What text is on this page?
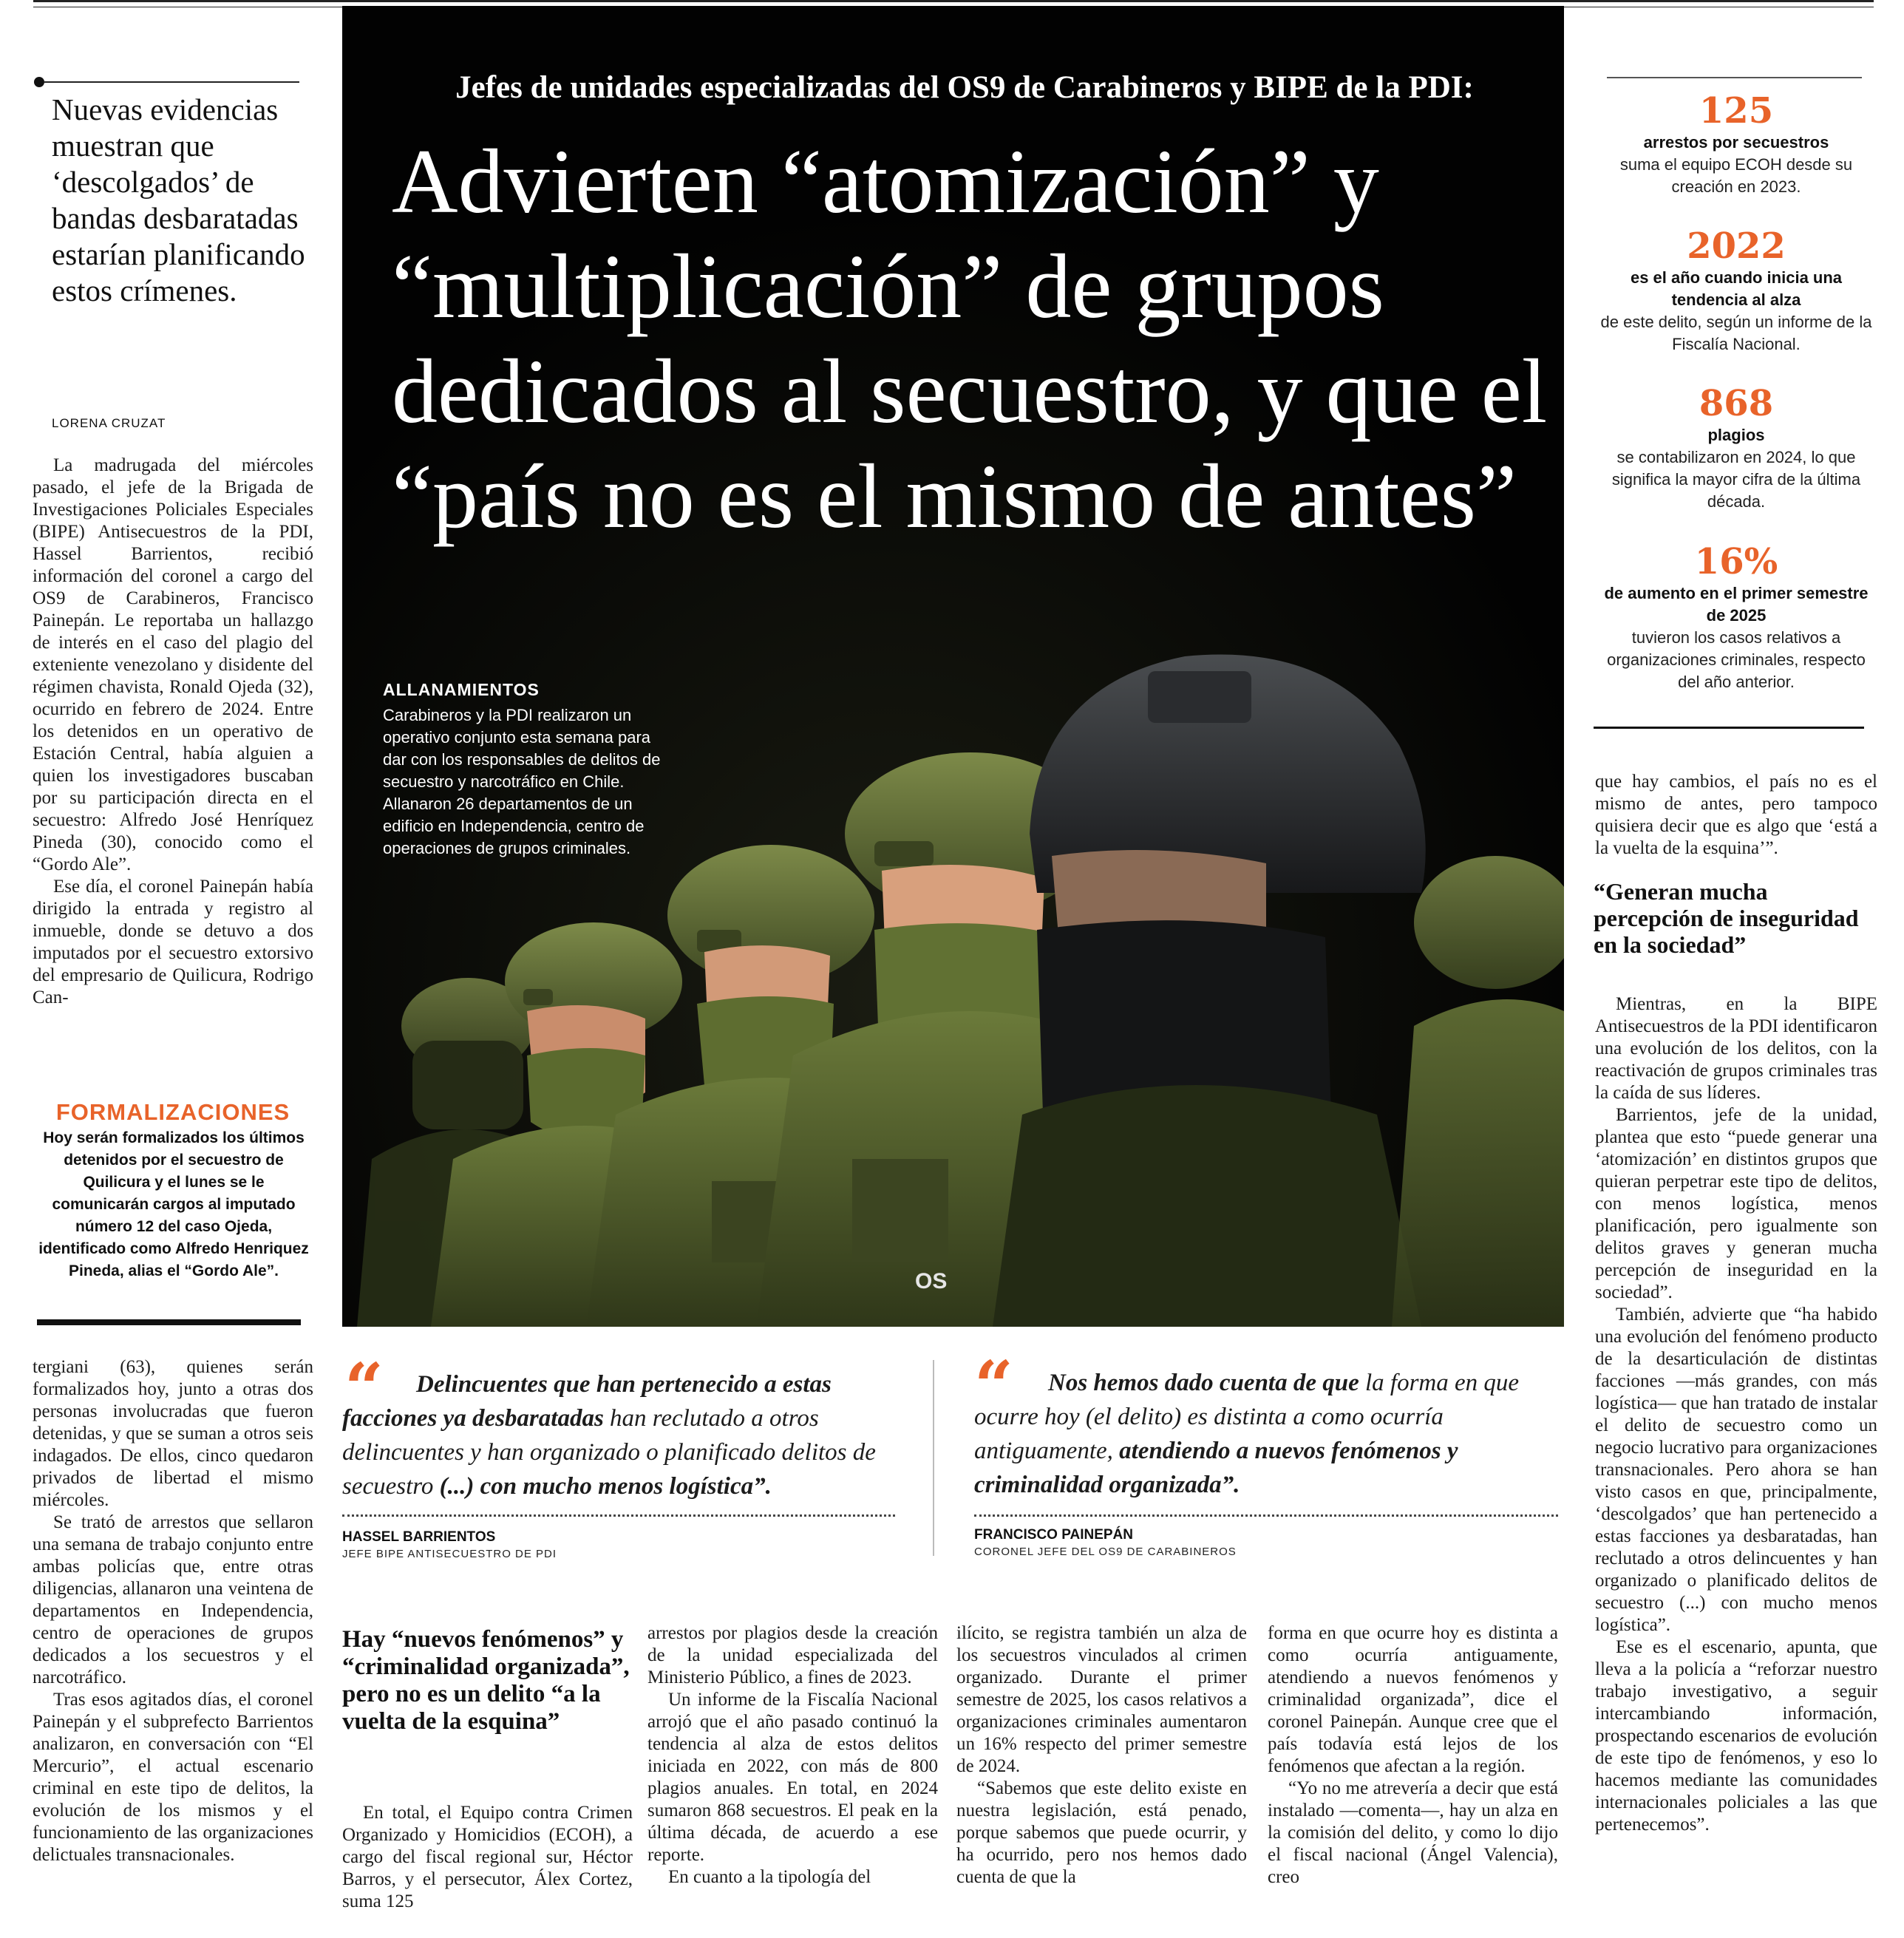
Nuevas evidencias muestran que ‘descolgados’ de bandas desbaratadas estarían planificando estos crímenes.
LORENA CRUZAT

La madrugada del miércoles pasado, el jefe de la Brigada de Investigaciones Policiales Especiales (BIPE) Antisecuestros de la PDI, Hassel Barrientos, recibió información del coronel a cargo del OS9 de Carabineros, Francisco Painepán. Le reportaba un hallazgo de interés en el caso del plagio del exteniente venezolano y disidente del régimen chavista, Ronald Ojeda (32), ocurrido en febrero de 2024. Entre los detenidos en un operativo de Estación Central, había alguien a quien los investigadores buscaban por su participación directa en el secuestro: Alfredo José Henríquez Pineda (30), conocido como el “Gordo Ale”.

Ese día, el coronel Painepán había dirigido la entrada y registro al inmueble, donde se detuvo a dos imputados por el secuestro extorsivo del empresario de Quilicura, Rodrigo Can-

FORMALIZACIONES
Hoy serán formalizados los últimos detenidos por el secuestro de Quilicura y el lunes se le comunicarán cargos al imputado número 12 del caso Ojeda, identificado como Alfredo Henriquez Pineda, alias el “Gordo Ale”.

tergiani (63), quienes serán formalizados hoy, junto a otras dos personas involucradas que fueron detenidas, y que se suman a otros seis indagados. De ellos, cinco quedaron privados de libertad el mismo miércoles.

Se trató de arrestos que sellaron una semana de trabajo conjunto entre ambas policías que, entre otras diligencias, allanaron una veintena de departamentos en Independencia, centro de operaciones de grupos dedicados a los secuestros y el narcotráfico.

Tras esos agitados días, el coronel Painepán y el subprefecto Barrientos analizaron, en conversación con “El Mercurio”, el actual escenario criminal en este tipo de delitos, la evolución de los mismos y el funcionamiento de las organizaciones delictuales transnacionales.

OS
Jefes de unidades especializadas del OS9 de Carabineros y BIPE de la PDI:
Advierten “atomización” y “multiplicación” de grupos dedicados al secuestro, y que el “país no es el mismo de antes”
ALLANAMIENTOS
Carabineros y la PDI realizaron un operativo conjunto esta semana para dar con los responsables de delitos de secuestro y narcotráfico en Chile. Allanaron 26 departamentos de un edificio en Independencia, centro de operaciones de grupos criminales.
“	Delincuentes que han pertenecido a estas facciones ya desbaratadas han reclutado a otros delincuentes y han organizado o planificado delitos de secuestro (...) con mucho menos logística”.
HASSEL BARRIENTOS
JEFE BIPE ANTISECUESTRO DE PDI
“	Nos hemos dado cuenta de que la forma en que ocurre hoy (el delito) es distinta a como ocurría antiguamente, atendiendo a nuevos fenómenos y criminalidad organizada”.
FRANCISCO PAINEPÁN
CORONEL JEFE DEL OS9 DE CARABINEROS
Hay “nuevos fenómenos” y “criminalidad organizada”, pero no es un delito “a la vuelta de la esquina”

En total, el Equipo contra Crimen Organizado y Homicidios (ECOH), a cargo del fiscal regional sur, Héctor Barros, y el persecutor, Álex Cortez, suma 125

arrestos por plagios desde la creación de la unidad especializada del Ministerio Público, a fines de 2023.

Un informe de la Fiscalía Nacional arrojó que el año pasado continuó la tendencia al alza de estos delitos iniciada en 2022, con más de 800 plagios anuales. En total, en 2024 sumaron 868 secuestros. El peak en la última década, de acuerdo a ese reporte.

En cuanto a la tipología del

ilícito, se registra también un alza de los secuestros vinculados al crimen organizado. Durante el primer semestre de 2025, los casos relativos a organizaciones criminales aumentaron un 16% respecto del primer semestre de 2024.

“Sabemos que este delito existe en nuestra legislación, está penado, porque sabemos que puede ocurrir, y ha ocurrido, pero nos hemos dado cuenta de que la

forma en que ocurre hoy es distinta a como ocurría antiguamente, atendiendo a nuevos fenómenos y criminalidad organizada”, dice el coronel Painepán. Aunque cree que el país todavía está lejos de los fenómenos que afectan a la región.

“Yo no me atrevería a decir que está instalado —comenta—, hay un alza en la comisión del delito, y como lo dijo el fiscal nacional (Ángel Valencia), creo

125
arrestos por secuestros
suma el equipo ECOH desde su creación en 2023.
2022
es el año cuando inicia una tendencia al alza
de este delito, según un informe de la Fiscalía Nacional.
868
plagios
se contabilizaron en 2024, lo que significa la mayor cifra de la última década.
16%
de aumento en el primer semestre de 2025
tuvieron los casos relativos a organizaciones criminales, respecto del año anterior.

que hay cambios, el país no es el mismo de antes, pero tampoco quisiera decir que es algo que ‘está a la vuelta de la esquina’”.

“Generan mucha percepción de inseguridad en la sociedad”

Mientras, en la BIPE Antisecuestros de la PDI identificaron una evolución de los delitos, con la reactivación de grupos criminales tras la caída de sus líderes.

Barrientos, jefe de la unidad, plantea que esto “puede generar una ‘atomización’ en distintos grupos que quieran perpetrar este tipo de delitos, con menos logística, menos planificación, pero igualmente son delitos graves y generan mucha percepción de inseguridad en la sociedad”.

También, advierte que “ha habido una evolución del fenómeno producto de la desarticulación de distintas facciones —más grandes, con más logística— que han tratado de instalar el delito de secuestro como un negocio lucrativo para organizaciones transnacionales. Pero ahora se han visto casos en que, principalmente, ‘descolgados’ que han pertenecido a estas facciones ya desbaratadas, han reclutado a otros delincuentes y han organizado o planificado delitos de secuestro (...) con mucho menos logística”.

Ese es el escenario, apunta, que lleva a la policía a “reforzar nuestro trabajo investigativo, a seguir intercambiando información, prospectando escenarios de evolución de este tipo de fenómenos, y eso lo hacemos mediante las comunidades internacionales policiales a las que pertenecemos”.
